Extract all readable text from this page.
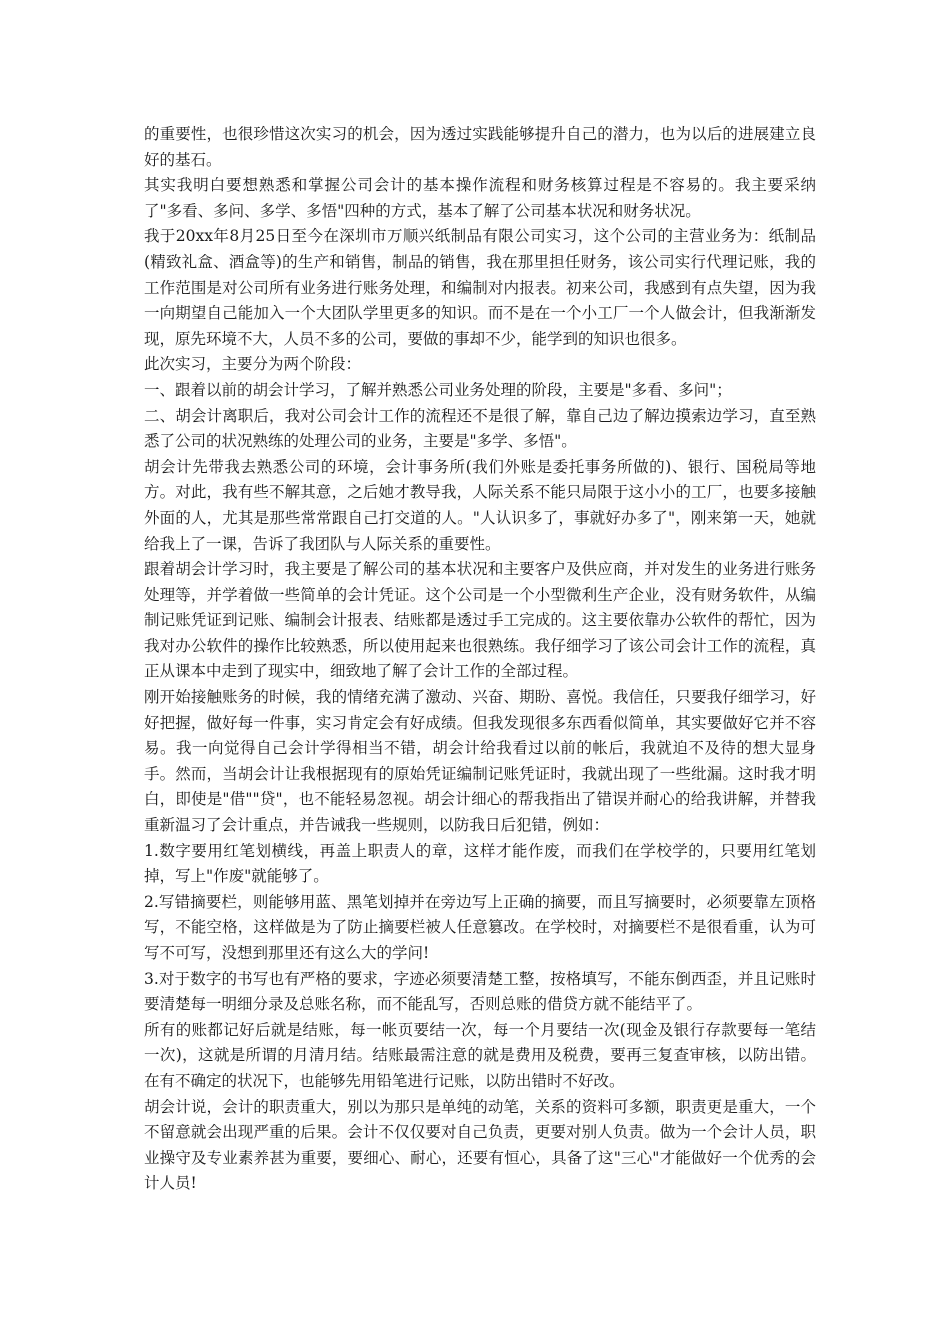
的重要性，也很珍惜这次实习的机会，因为透过实践能够提升自己的潜力，也为以后的进展建立良好的基石。

其实我明白要想熟悉和掌握公司会计的基本操作流程和财务核算过程是不容易的。我主要采纳了"多看、多问、多学、多悟"四种的方式，基本了解了公司基本状况和财务状况。

我于20xx年8月25日至今在深圳市万顺兴纸制品有限公司实习，这个公司的主营业务为：纸制品(精致礼盒、酒盒等)的生产和销售，制品的销售，我在那里担任财务，该公司实行代理记账，我的工作范围是对公司所有业务进行账务处理，和编制对内报表。初来公司，我感到有点失望，因为我一向期望自己能加入一个大团队学里更多的知识。而不是在一个小工厂一个人做会计，但我渐渐发现，原先环境不大，人员不多的公司，要做的事却不少，能学到的知识也很多。

此次实习，主要分为两个阶段：

一、跟着以前的胡会计学习，了解并熟悉公司业务处理的阶段，主要是"多看、多问"；

二、胡会计离职后，我对公司会计工作的流程还不是很了解，靠自己边了解边摸索边学习，直至熟悉了公司的状况熟练的处理公司的业务，主要是"多学、多悟"。

胡会计先带我去熟悉公司的环境，会计事务所(我们外账是委托事务所做的)、银行、国税局等地方。对此，我有些不解其意，之后她才教导我，人际关系不能只局限于这小小的工厂，也要多接触外面的人，尤其是那些常常跟自己打交道的人。"人认识多了，事就好办多了"，刚来第一天，她就给我上了一课，告诉了我团队与人际关系的重要性。

跟着胡会计学习时，我主要是了解公司的基本状况和主要客户及供应商，并对发生的业务进行账务处理等，并学着做一些简单的会计凭证。这个公司是一个小型微利生产企业，没有财务软件，从编制记账凭证到记账、编制会计报表、结账都是透过手工完成的。这主要依靠办公软件的帮忙，因为我对办公软件的操作比较熟悉，所以使用起来也很熟练。我仔细学习了该公司会计工作的流程，真正从课本中走到了现实中，细致地了解了会计工作的全部过程。

刚开始接触账务的时候，我的情绪充满了激动、兴奋、期盼、喜悦。我信任，只要我仔细学习，好好把握，做好每一件事，实习肯定会有好成绩。但我发现很多东西看似简单，其实要做好它并不容易。我一向觉得自己会计学得相当不错，胡会计给我看过以前的帐后，我就迫不及待的想大显身手。然而，当胡会计让我根据现有的原始凭证编制记账凭证时，我就出现了一些纰漏。这时我才明白，即使是"借""贷"，也不能轻易忽视。胡会计细心的帮我指出了错误并耐心的给我讲解，并替我重新温习了会计重点，并告诫我一些规则，以防我日后犯错，例如：

1.数字要用红笔划横线，再盖上职责人的章，这样才能作废，而我们在学校学的，只要用红笔划掉，写上"作废"就能够了。

2.写错摘要栏，则能够用蓝、黑笔划掉并在旁边写上正确的摘要，而且写摘要时，必须要靠左顶格写，不能空格，这样做是为了防止摘要栏被人任意篡改。在学校时，对摘要栏不是很看重，认为可写不可写，没想到那里还有这么大的学问!

3.对于数字的书写也有严格的要求，字迹必须要清楚工整，按格填写，不能东倒西歪，并且记账时要清楚每一明细分录及总账名称，而不能乱写，否则总账的借贷方就不能结平了。

所有的账都记好后就是结账，每一帐页要结一次，每一个月要结一次(现金及银行存款要每一笔结一次)，这就是所谓的月清月结。结账最需注意的就是费用及税费，要再三复查审核，以防出错。在有不确定的状况下，也能够先用铅笔进行记账，以防出错时不好改。

胡会计说，会计的职责重大，别以为那只是单纯的动笔，关系的资料可多额，职责更是重大，一个不留意就会出现严重的后果。会计不仅仅要对自己负责，更要对别人负责。做为一个会计人员，职业操守及专业素养甚为重要，要细心、耐心，还要有恒心，具备了这"三心"才能做好一个优秀的会计人员!
